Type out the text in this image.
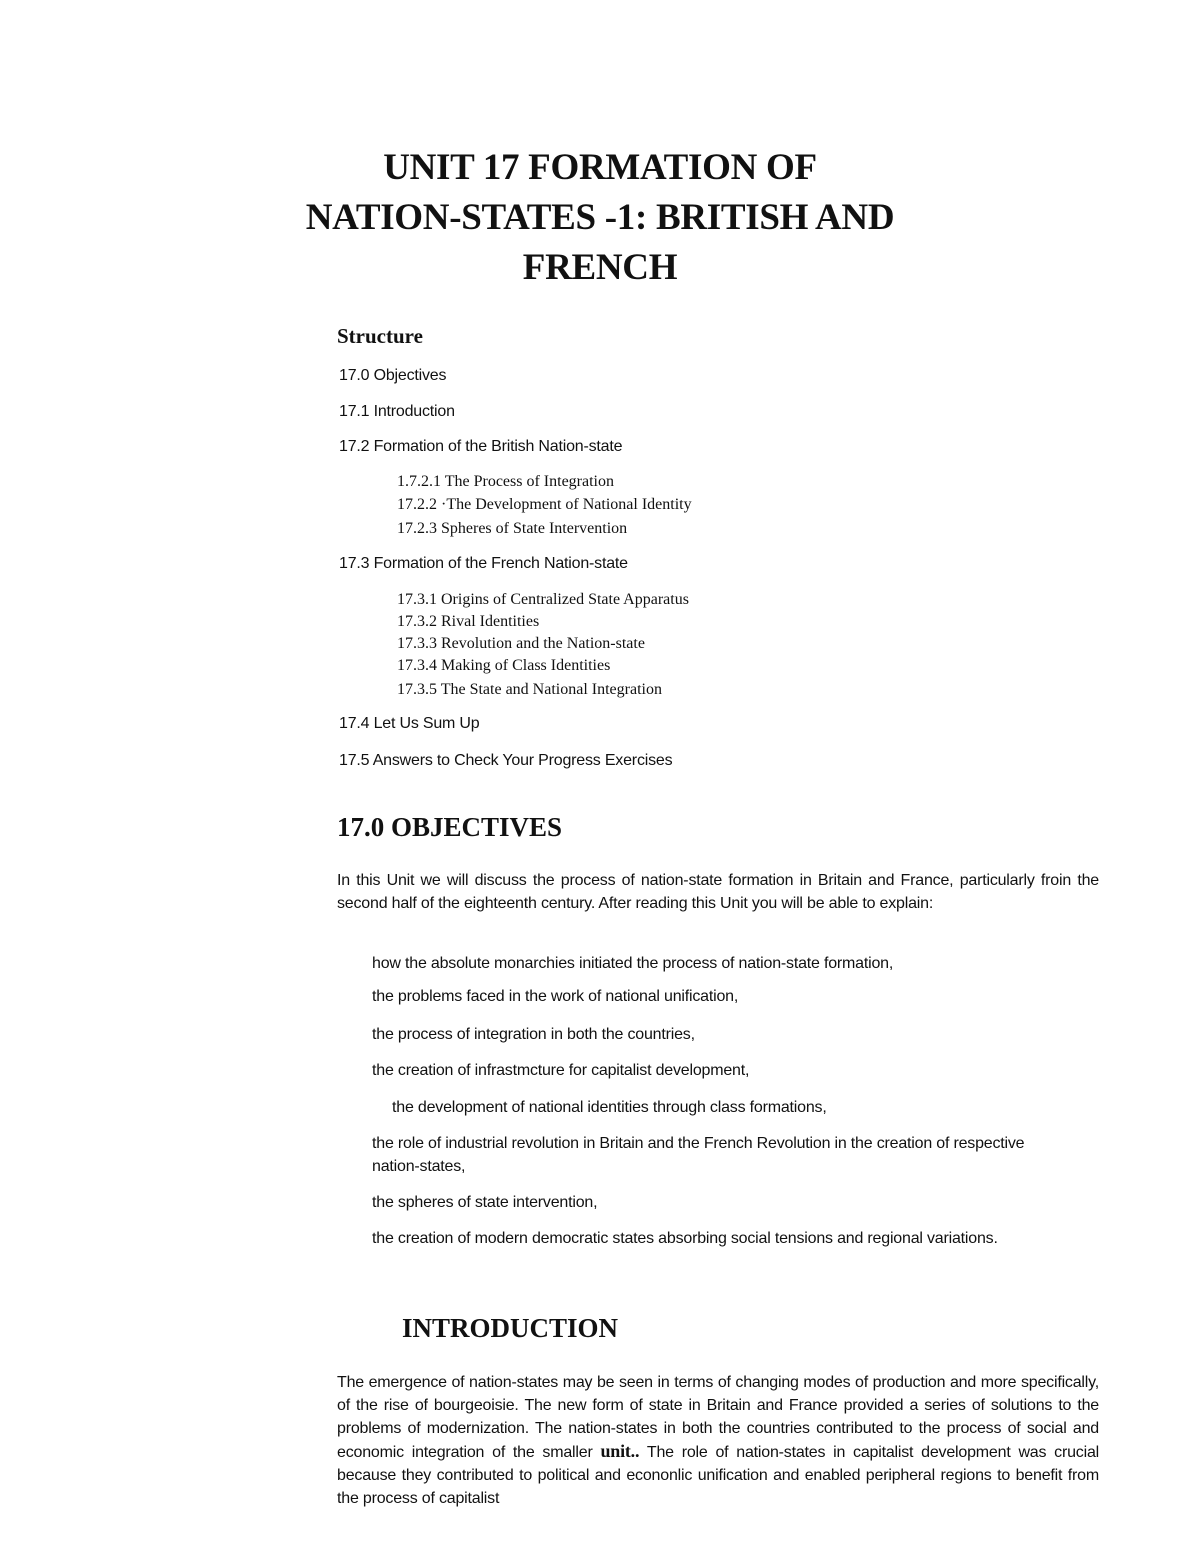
UNIT 17 FORMATION OF
NATION-STATES -1: BRITISH AND
FRENCH
Structure
17.0 Objectives
17.1 Introduction
17.2 Formation of the British Nation-state
1.7.2.1 The Process of Integration
17.2.2 ·The Development of National Identity
17.2.3 Spheres of State Intervention
17.3 Formation of the French Nation-state
17.3.1 Origins of Centralized State Apparatus
17.3.2 Rival Identities
17.3.3 Revolution and the Nation-state
17.3.4 Making of Class Identities
17.3.5 The State and National Integration
17.4 Let Us Sum Up
17.5 Answers to Check Your Progress Exercises
17.0 OBJECTIVES
In this Unit we will discuss the process of nation-state formation in Britain and France, particularly froin the second half of the eighteenth century. After reading this Unit you will be able to explain:
how the absolute monarchies initiated the process of nation-state formation,
the problems faced in the work of national unification,
the process of integration in both the countries,
the creation of infrastmcture for capitalist development,
the development of national identities through class formations,
the role of industrial revolution in Britain and the French Revolution in the creation of respective nation-states,
the spheres of state intervention,
the creation of modern democratic states absorbing social tensions and regional variations.
INTRODUCTION
The emergence of nation-states may be seen in terms of changing modes of production and more specifically, of the rise of bourgeoisie. The new form of state in Britain and France provided a series of solutions to the problems of modernization. The nation-states in both the countries contributed to the process of social and economic integration of the smaller unit.. The role of nation-states in capitalist development was crucial because they contributed to political and econonlic unification and enabled peripheral regions to benefit from the process of capitalist
